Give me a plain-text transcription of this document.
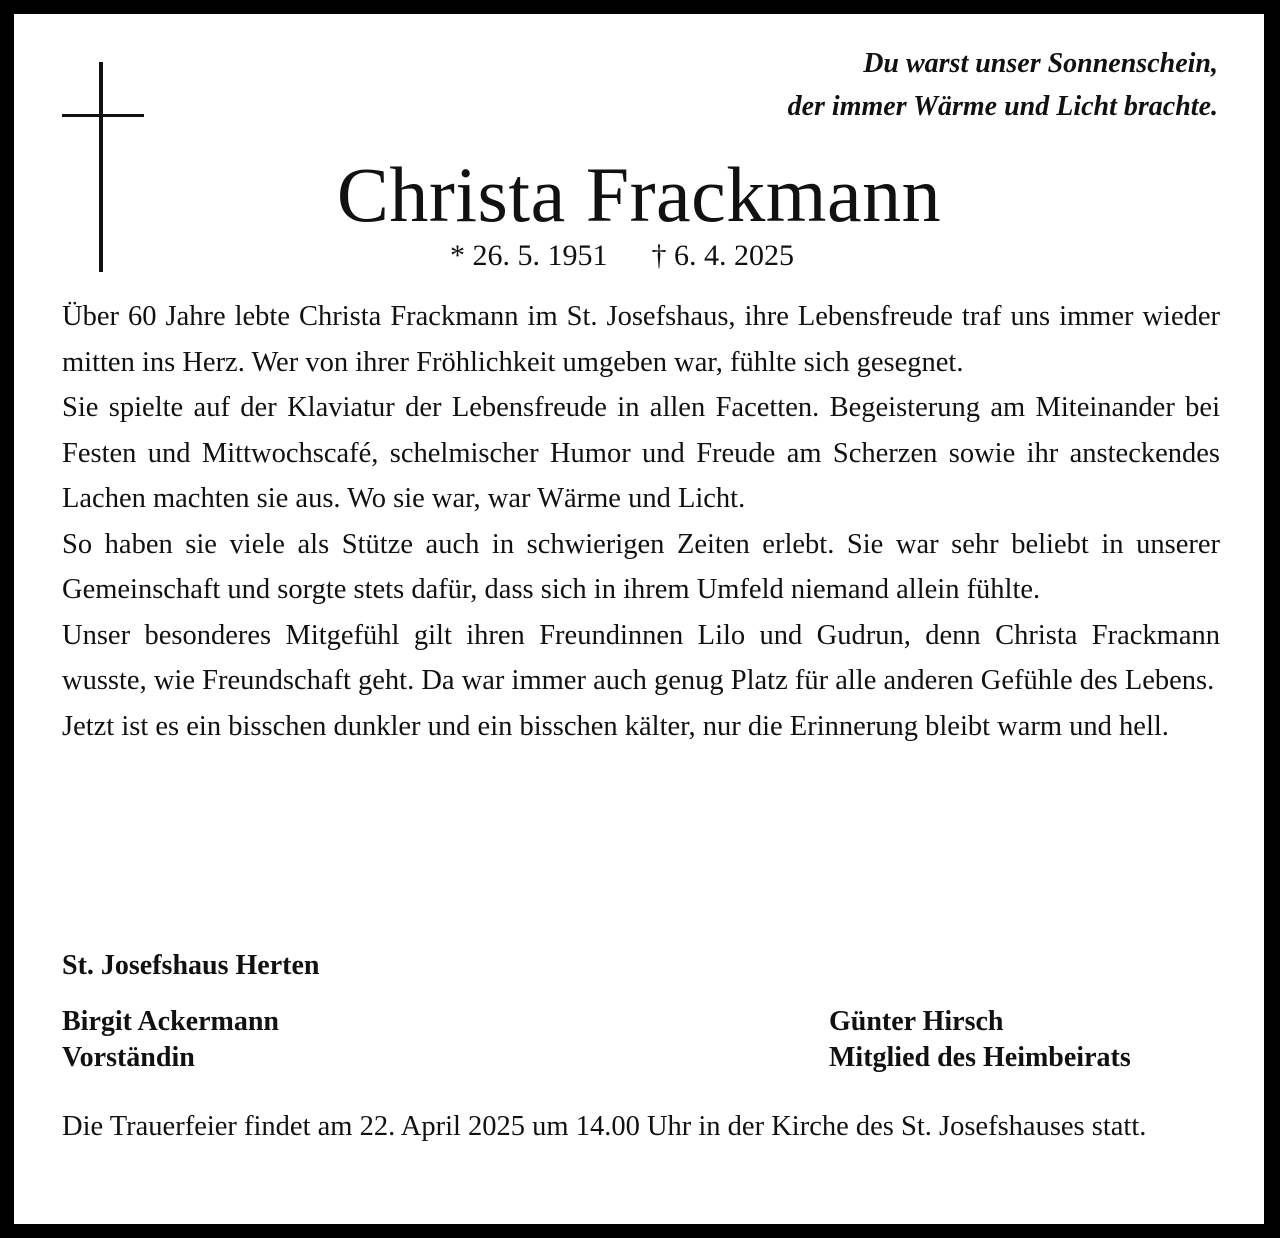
Du warst unser Sonnenschein,
der immer Wärme und Licht brachte.
Christa Frackmann
* 26. 5. 1951 † 6. 4. 2025

Über 60 Jahre lebte Christa Frackmann im St. Josefshaus, ihre Lebensfreude traf uns immer wieder mitten ins Herz. Wer von ihrer Fröhlichkeit umgeben war, fühlte sich gesegnet.

Sie spielte auf der Klaviatur der Lebensfreude in allen Facetten. Begeisterung am Miteinander bei Festen und Mittwochscafé, schelmischer Humor und Freude am Scherzen sowie ihr ansteckendes Lachen machten sie aus. Wo sie war, war Wärme und Licht.

So haben sie viele als Stütze auch in schwierigen Zeiten erlebt. Sie war sehr beliebt in unserer Gemeinschaft und sorgte stets dafür, dass sich in ihrem Umfeld niemand allein fühlte.

Unser besonderes Mitgefühl gilt ihren Freundinnen Lilo und Gudrun, denn Christa Frackmann wusste, wie Freundschaft geht. Da war immer auch genug Platz für alle anderen Gefühle des Lebens.

Jetzt ist es ein bisschen dunkler und ein bisschen kälter, nur die Erinnerung bleibt warm und hell.

St. Josefshaus Herten
Birgit Ackermann
Vorständin
Günter Hirsch
Mitglied des Heimbeirats
Die Trauerfeier findet am 22. April 2025 um 14.00 Uhr in der Kirche des St. Josefshauses statt.
